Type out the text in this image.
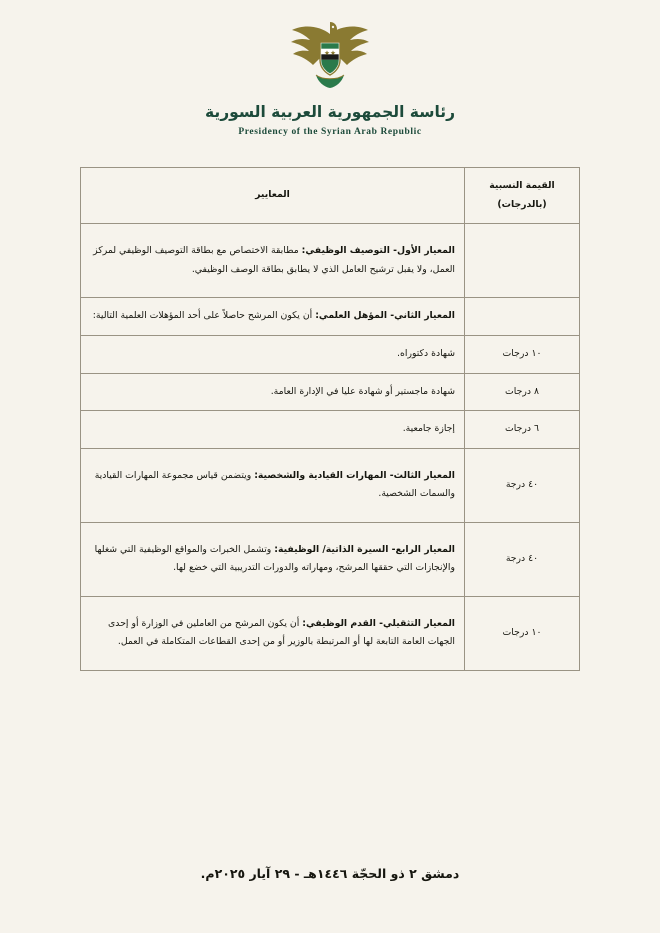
رئاسة الجمهورية العربية السورية
Presidency of the Syrian Arab Republic
القيمة النسبية (بالدرجات)	المعايير
	المعيار الأول- التوصيف الوظيفي: مطابقة الاختصاص مع بطاقة التوصيف الوظيفي لمركز العمل، ولا يقبل ترشيح العامل الذي لا يطابق بطاقة الوصف الوظيفي.
	المعيار الثاني- المؤهل العلمي: أن يكون المرشح حاصلاً على أحد المؤهلات العلمية التالية:
١٠ درجات	شهادة دكتوراه.
٨ درجات	شهادة ماجستير أو شهادة عليا في الإدارة العامة.
٦ درجات	إجازة جامعية.
٤٠ درجة	المعيار الثالث- المهارات القيادية والشخصية: ويتضمن قياس مجموعة المهارات القيادية والسمات الشخصية.
٤٠ درجة	المعيار الرابع- السيرة الذاتية/ الوظيفية: وتشمل الخبرات والمواقع الوظيفية التي شغلها والإنجازات التي حققها المرشح، ومهاراته والدورات التدريبية التي خضع لها.
١٠ درجات	المعيار التثقيلي- القدم الوظيفي: أن يكون المرشح من العاملين في الوزارة أو إحدى الجهات العامة التابعة لها أو المرتبطة بالوزير أو من إحدى القطاعات المتكاملة في العمل.
دمشق ٢ ذو الحجّة ١٤٤٦هـ - ٢٩ آيار ٢٠٢٥م.
